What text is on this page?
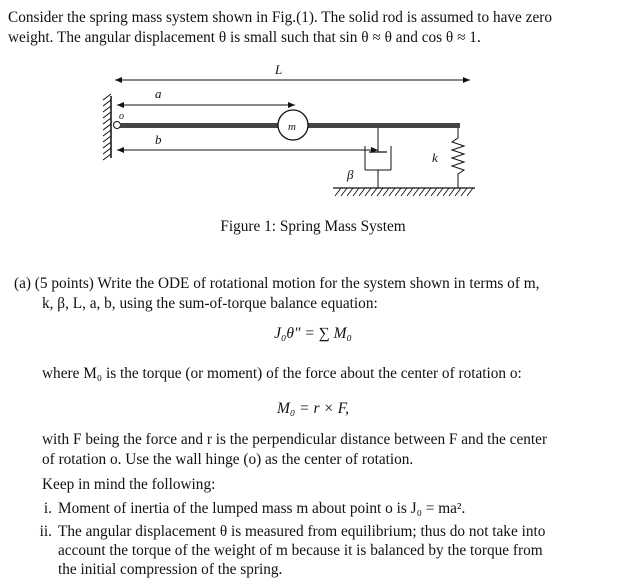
Consider the spring mass system shown in Fig.(1). The solid rod is assumed to have zero
weight. The angular displacement θ is small such that sin θ ≈ θ and cos θ ≈ 1.
L
a
b
o
m
β
k
Figure 1: Spring Mass System
(a) (5 points) Write the ODE of rotational motion for the system shown in terms of m,
k, β, L, a, b, using the sum-of-torque balance equation:
J₀θ″ = ∑ M₀
where M₀ is the torque (or moment) of the force about the center of rotation o:
M₀ = r × F,
with F being the force and r is the perpendicular distance between F and the center
of rotation o. Use the wall hinge (o) as the center of rotation.
Keep in mind the following:
i. Moment of inertia of the lumped mass m about point o is J₀ = ma².
ii. The angular displacement θ is measured from equilibrium; thus do not take into
account the torque of the weight of m because it is balanced by the torque from
the initial compression of the spring.
